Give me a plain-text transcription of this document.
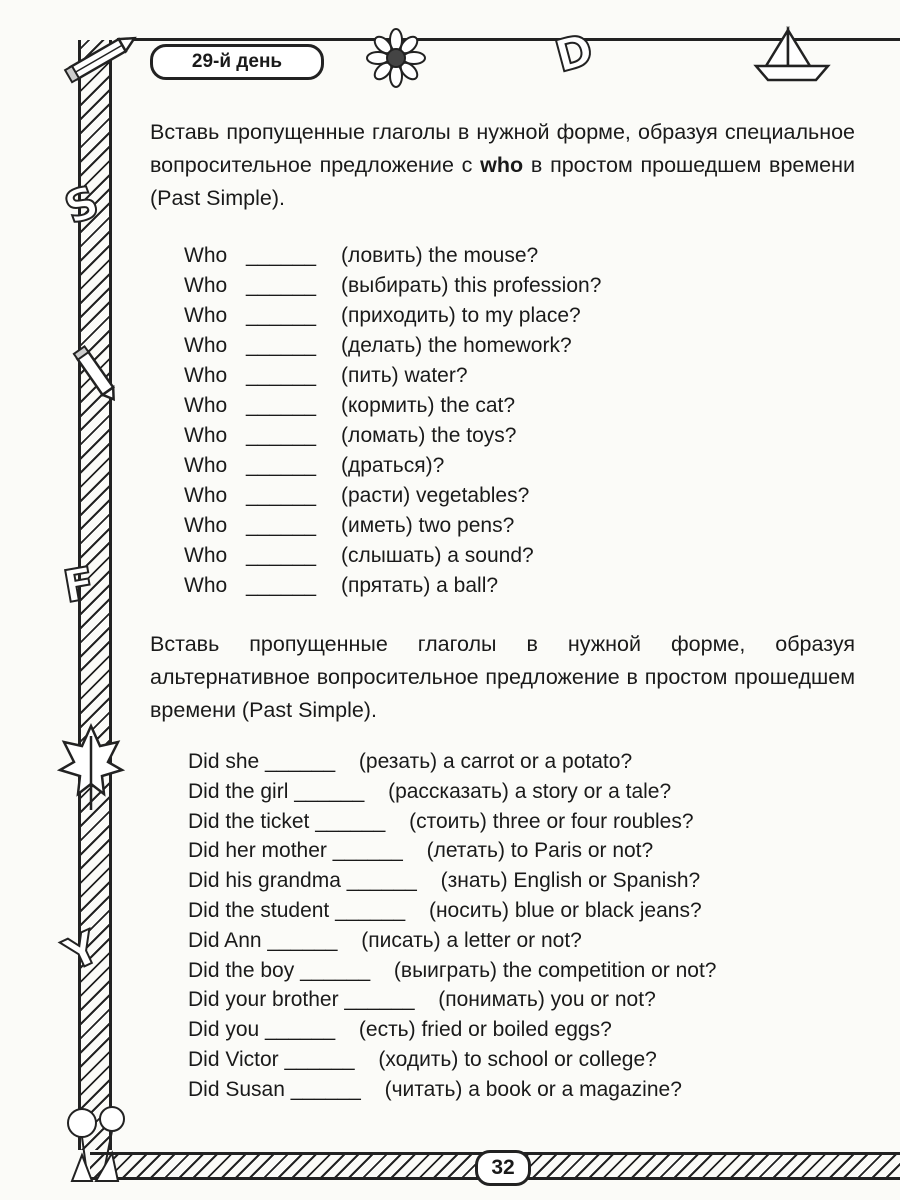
29-й день	D
S
F
Y
Вставь пропущенные глаголы в нужной форме, образуя специальное вопросительное предложение с who в простом прошедшем времени (Past Simple).
Who ______	(ловить) the mouse?
Who ______	(выбирать) this profession?
Who ______	(приходить) to my place?
Who ______	(делать) the homework?
Who ______	(пить) water?
Who ______	(кормить) the cat?
Who ______	(ломать) the toys?
Who ______	(драться)?
Who ______	(расти) vegetables?
Who ______	(иметь) two pens?
Who ______	(слышать) a sound?
Who ______	(прятать) a ball?
Вставь пропущенные глаголы в нужной форме, образуя альтернативное вопросительное предложение в простом прошедшем времени (Past Simple).
Did she
______
	(резать) a carrot or a potato?
Did the girl
______
	(рассказать) a story or a tale?
Did the ticket
______
	(стоить) three or four roubles?
Did her mother
______
	(летать) to Paris or not?
Did his grandma
______
	(знать) English or Spanish?
Did the student
______
	(носить) blue or black jeans?
Did Ann
______
	(писать) a letter or not?
Did the boy
______
	(выиграть) the competition or not?
Did your brother
______
	(понимать) you or not?
Did you
______
	(есть) fried or boiled eggs?
Did Victor
______
	(ходить) to school or college?
Did Susan
______
	(читать) a book or a magazine?
32
